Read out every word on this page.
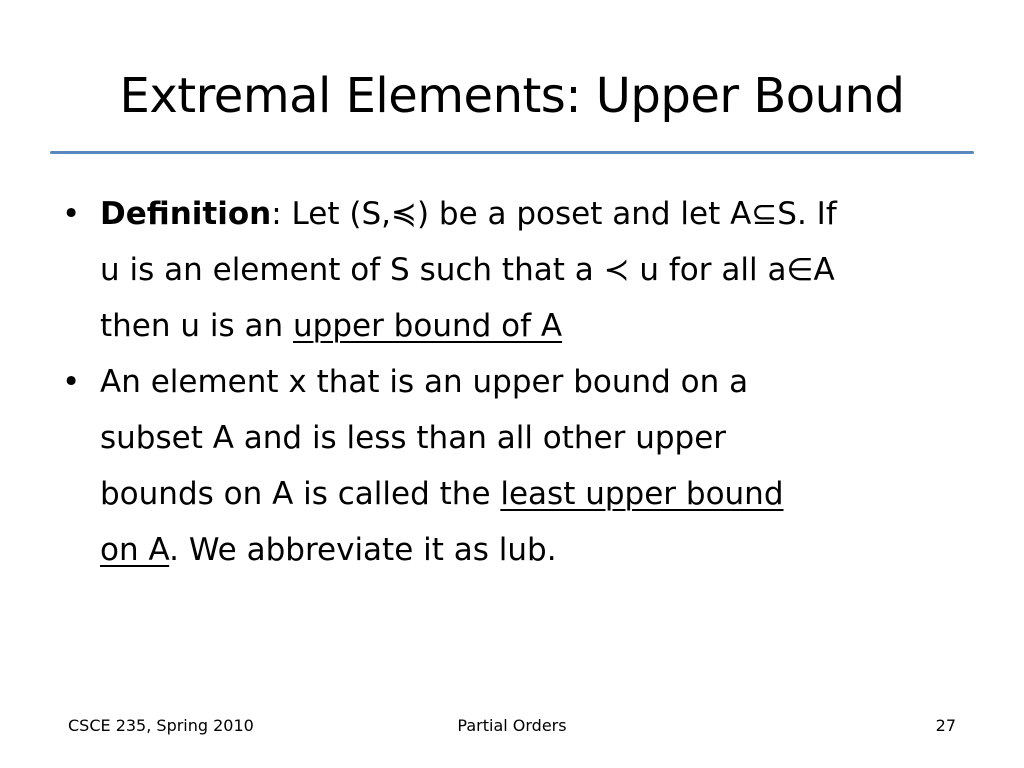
Extremal Elements: Upper Bound
• Definition: Let (S,≼) be a poset and let A⊆S. If
u is an element of S such that a ≺ u for all a∈A
then u is an upper bound of A
• An element x that is an upper bound on a
subset A and is less than all other upper
bounds on A is called the least upper bound
on A. We abbreviate it as lub.
CSCE 235, Spring 2010	Partial Orders	27
